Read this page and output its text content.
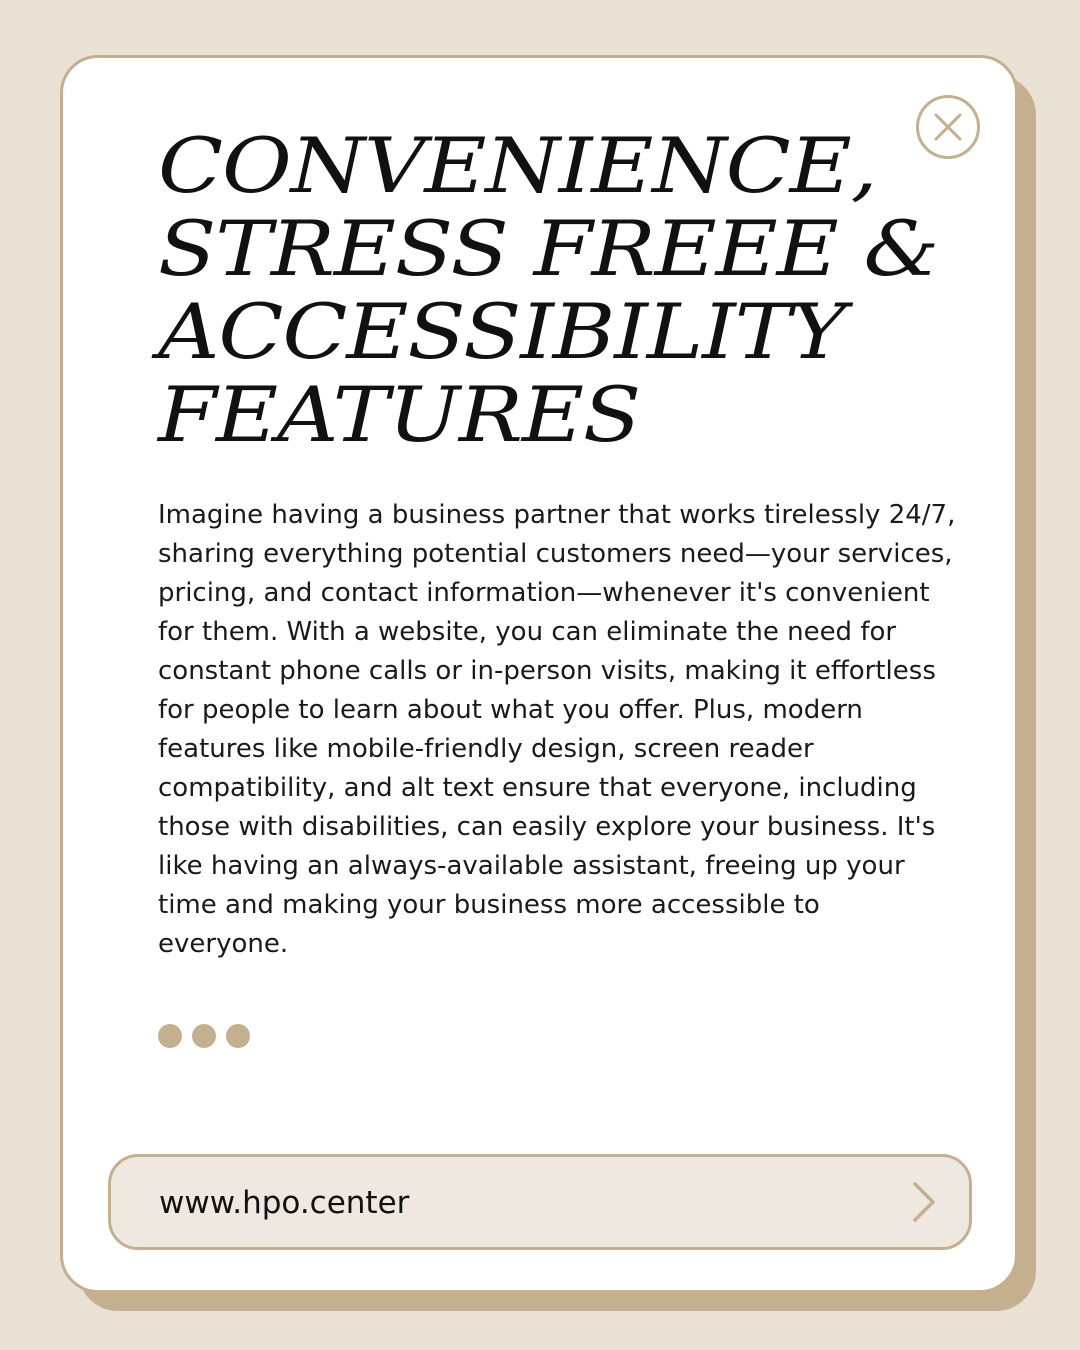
CONVENIENCE, STRESS FREEE & ACCESSIBILITY FEATURES

Imagine having a business partner that works tirelessly 24/7, sharing everything potential customers need—your services, pricing, and contact information—whenever it's convenient for them. With a website, you can eliminate the need for constant phone calls or in-person visits, making it effortless for people to learn about what you offer. Plus, modern features like mobile-friendly design, screen reader compatibility, and alt text ensure that everyone, including those with disabilities, can easily explore your business. It's like having an always-available assistant, freeing up your time and making your business more accessible to everyone.

www.hpo.center
